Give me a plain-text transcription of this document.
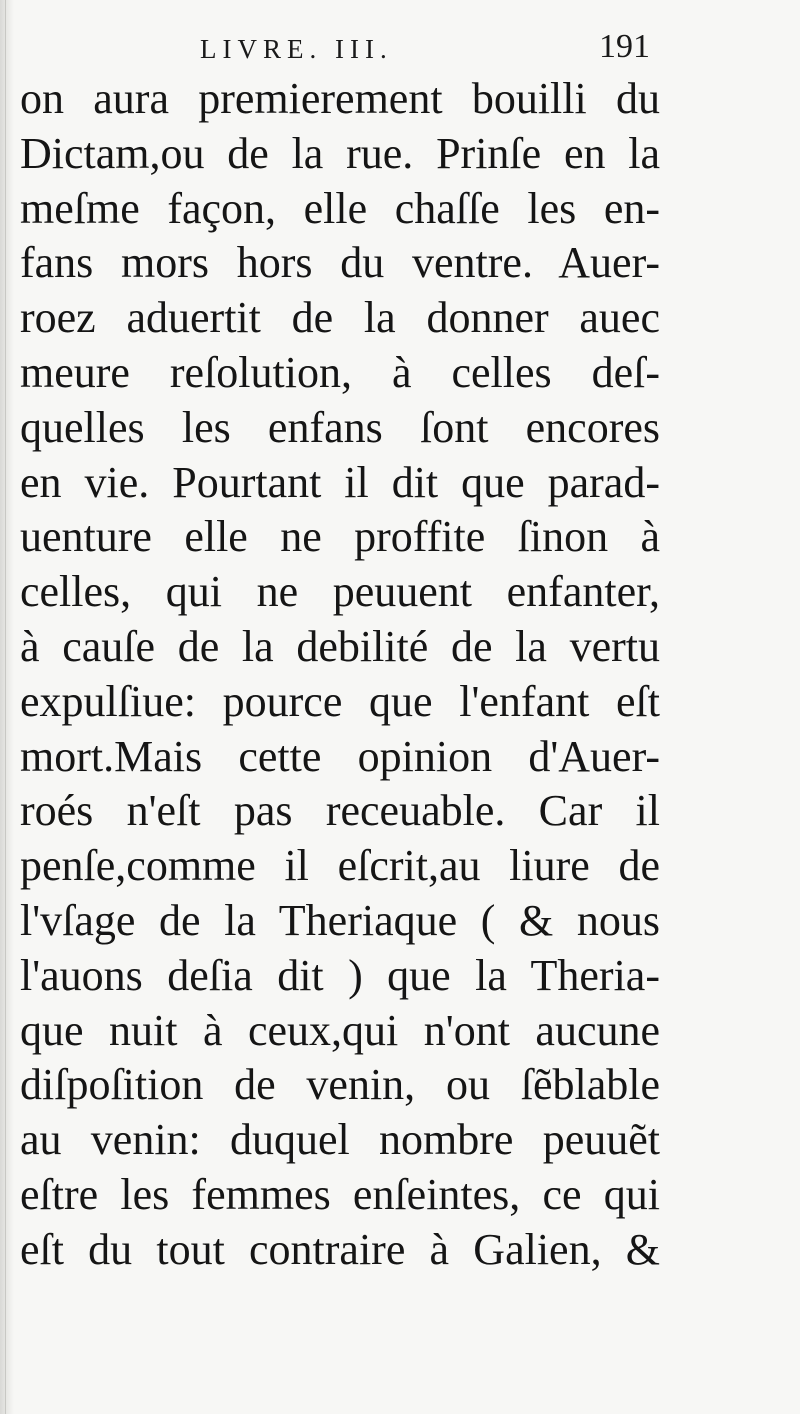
LIVRE. III.	191
on aura premierement bouilli du
Dictam,ou de la rue. Prinſe en la
meſme façon, elle chaſſe les en-
fans mors hors du ventre. Auer-
roez aduertit de la donner auec
meure reſolution, à celles deſ-
quelles les enfans ſont encores
en vie. Pourtant il dit que parad-
uenture elle ne proffite ſinon à
celles, qui ne peuuent enfanter,
à cauſe de la debilité de la vertu
expulſiue: pource que l'enfant eſt
mort.Mais cette opinion d'Auer-
roés n'eſt pas receuable. Car il
penſe,comme il eſcrit,au liure de
l'vſage de la Theriaque ( & nous
l'auons deſia dit ) que la Theria-
que nuit à ceux,qui n'ont aucune
diſpoſition de venin, ou ſẽblable
au venin: duquel nombre peuuẽt
eſtre les femmes enſeintes, ce qui
eſt du tout contraire à Galien, &
